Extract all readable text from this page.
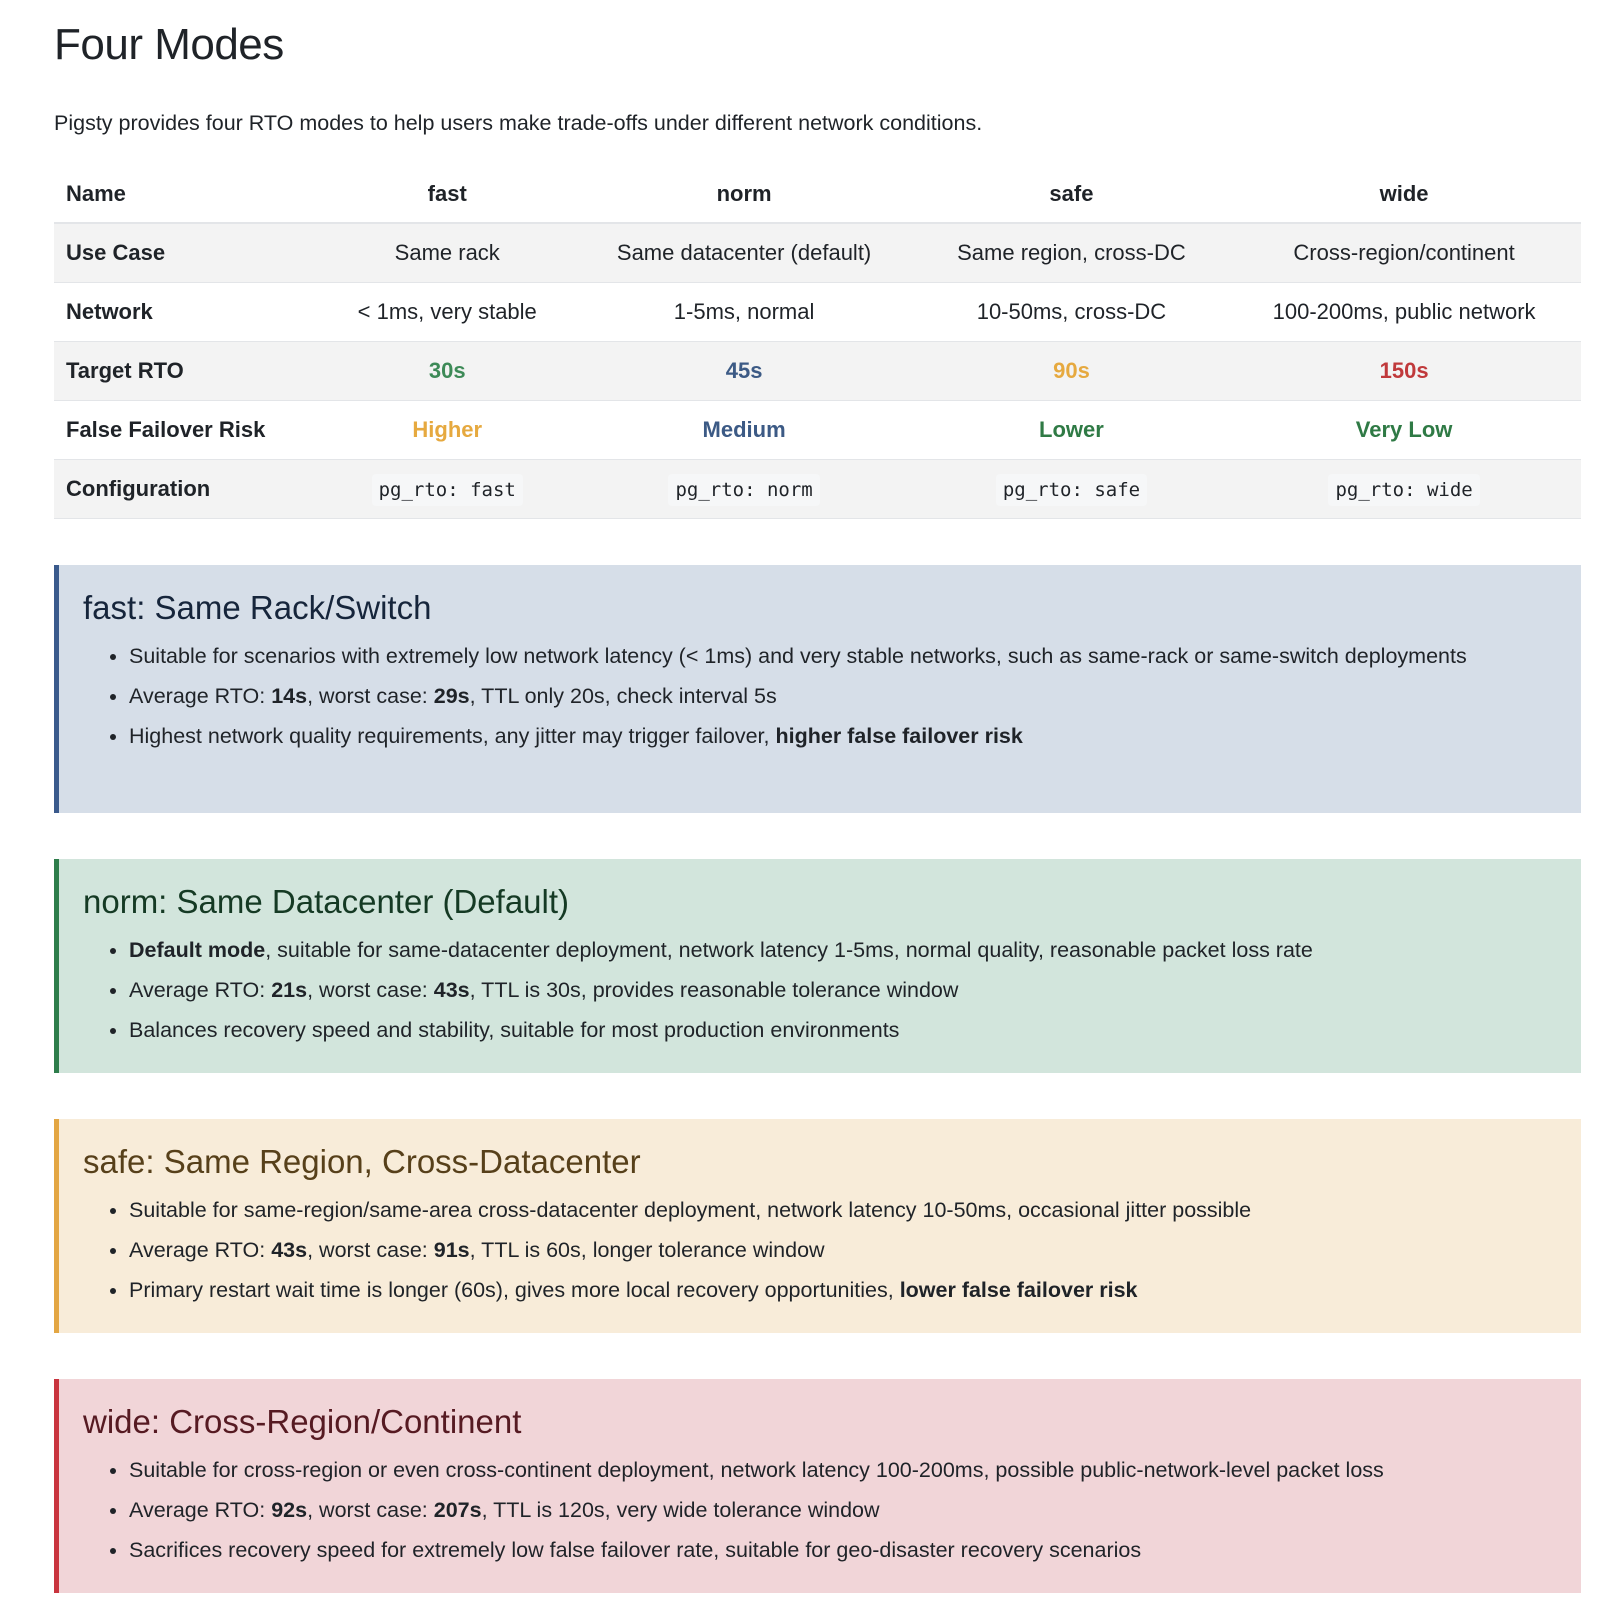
Four Modes

Pigsty provides four RTO modes to help users make trade-offs under different network conditions.

Name	fast	norm	safe	wide
Use Case	Same rack	Same datacenter (default)	Same region, cross-DC	Cross-region/continent
Network	< 1ms, very stable	1-5ms, normal	10-50ms, cross-DC	100-200ms, public network
Target RTO	30s	45s	90s	150s
False Failover Risk	Higher	Medium	Lower	Very Low
Configuration	pg_rto: fast	pg_rto: norm	pg_rto: safe	pg_rto: wide
fast: Same Rack/Switch
• Suitable for scenarios with extremely low network latency (< 1ms) and very stable networks, such as same-rack or same-switch deployments
• Average RTO: 14s, worst case: 29s, TTL only 20s, check interval 5s
• Highest network quality requirements, any jitter may trigger failover, higher false failover risk
norm: Same Datacenter (Default)
• Default mode, suitable for same-datacenter deployment, network latency 1-5ms, normal quality, reasonable packet loss rate
• Average RTO: 21s, worst case: 43s, TTL is 30s, provides reasonable tolerance window
• Balances recovery speed and stability, suitable for most production environments
safe: Same Region, Cross-Datacenter
• Suitable for same-region/same-area cross-datacenter deployment, network latency 10-50ms, occasional jitter possible
• Average RTO: 43s, worst case: 91s, TTL is 60s, longer tolerance window
• Primary restart wait time is longer (60s), gives more local recovery opportunities, lower false failover risk
wide: Cross-Region/Continent
• Suitable for cross-region or even cross-continent deployment, network latency 100-200ms, possible public-network-level packet loss
• Average RTO: 92s, worst case: 207s, TTL is 120s, very wide tolerance window
• Sacrifices recovery speed for extremely low false failover rate, suitable for geo-disaster recovery scenarios
